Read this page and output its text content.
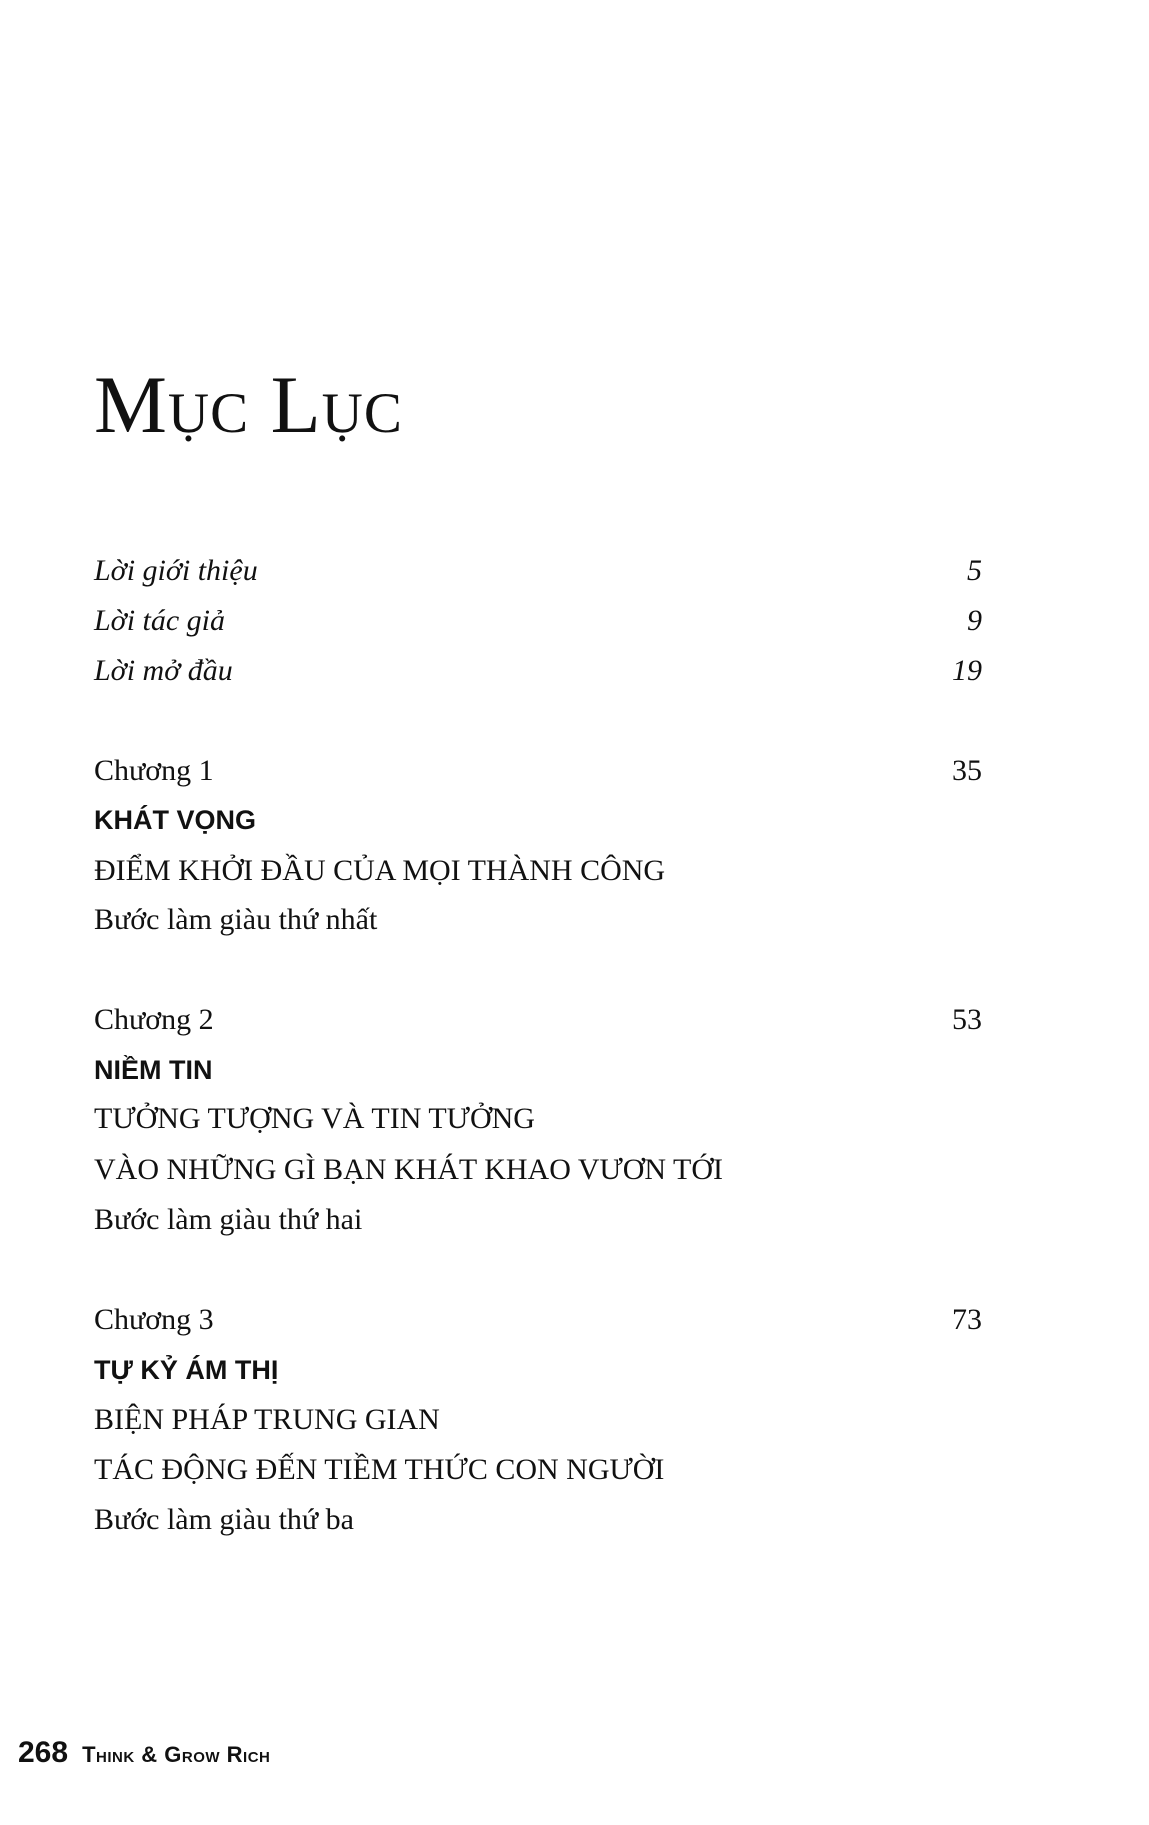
Mục Lục
Lời giới thiệu	5
Lời tác giả	9
Lời mở đầu	19
Chương 1	35
KHÁT VỌNG
ĐIỂM KHỞI ĐẦU CỦA MỌI THÀNH CÔNG
Bước làm giàu thứ nhất
Chương 2	53
NIỀM TIN
TƯỞNG TƯỢNG VÀ TIN TƯỞNG
VÀO NHỮNG GÌ BẠN KHÁT KHAO VƯƠN TỚI
Bước làm giàu thứ hai
Chương 3	73
TỰ KỶ ÁM THỊ
BIỆN PHÁP TRUNG GIAN
TÁC ĐỘNG ĐẾN TIỀM THỨC CON NGƯỜI
Bước làm giàu thứ ba
268 Think & Grow Rich
